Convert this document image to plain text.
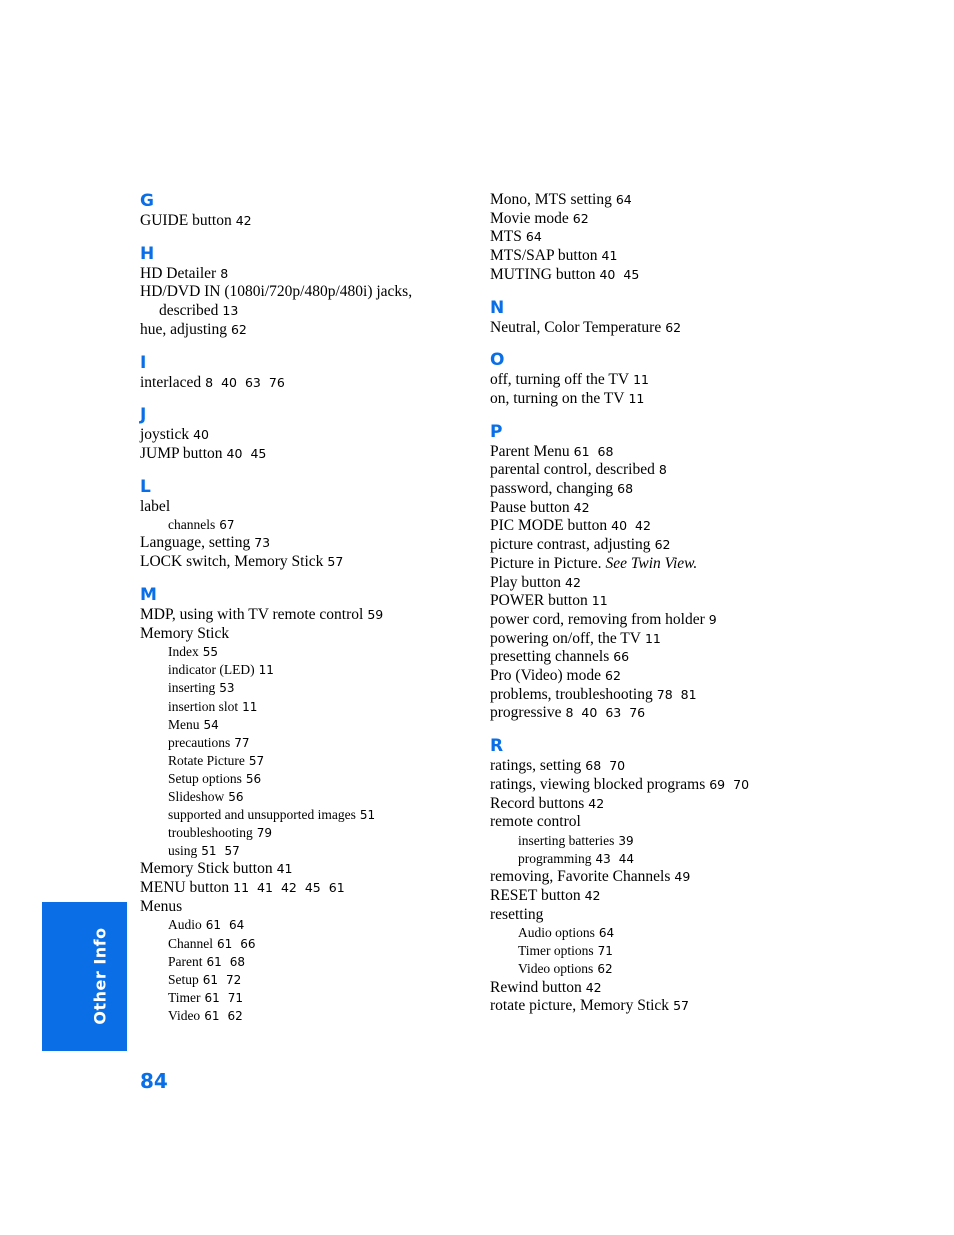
G
GUIDE button 42
H
HD Detailer 8
HD/DVD IN (1080i/720p/480p/480i) jacks, described 13
hue, adjusting 62
I
interlaced 8 40 63 76
J
joystick 40
JUMP button 40 45
L
label
channels 67
Language, setting 73
LOCK switch, Memory Stick 57
M
MDP, using with TV remote control 59
Memory Stick
Index 55
indicator (LED) 11
inserting 53
insertion slot 11
Menu 54
precautions 77
Rotate Picture 57
Setup options 56
Slideshow 56
supported and unsupported images 51
troubleshooting 79
using 51 57
Memory Stick button 41
MENU button 11 41 42 45 61
Menus
Audio 61 64
Channel 61 66
Parent 61 68
Setup 61 72
Timer 61 71
Video 61 62
Mono, MTS setting 64
Movie mode 62
MTS 64
MTS/SAP button 41
MUTING button 40 45
N
Neutral, Color Temperature 62
O
off, turning off the TV 11
on, turning on the TV 11
P
Parent Menu 61 68
parental control, described 8
password, changing 68
Pause button 42
PIC MODE button 40 42
picture contrast, adjusting 62
Picture in Picture. See Twin View.
Play button 42
POWER button 11
power cord, removing from holder 9
powering on/off, the TV 11
presetting channels 66
Pro (Video) mode 62
problems, troubleshooting 78 81
progressive 8 40 63 76
R
ratings, setting 68 70
ratings, viewing blocked programs 69 70
Record buttons 42
remote control
inserting batteries 39
programming 43 44
removing, Favorite Channels 49
RESET button 42
resetting
Audio options 64
Timer options 71
Video options 62
Rewind button 42
rotate picture, Memory Stick 57
Other Info
84
